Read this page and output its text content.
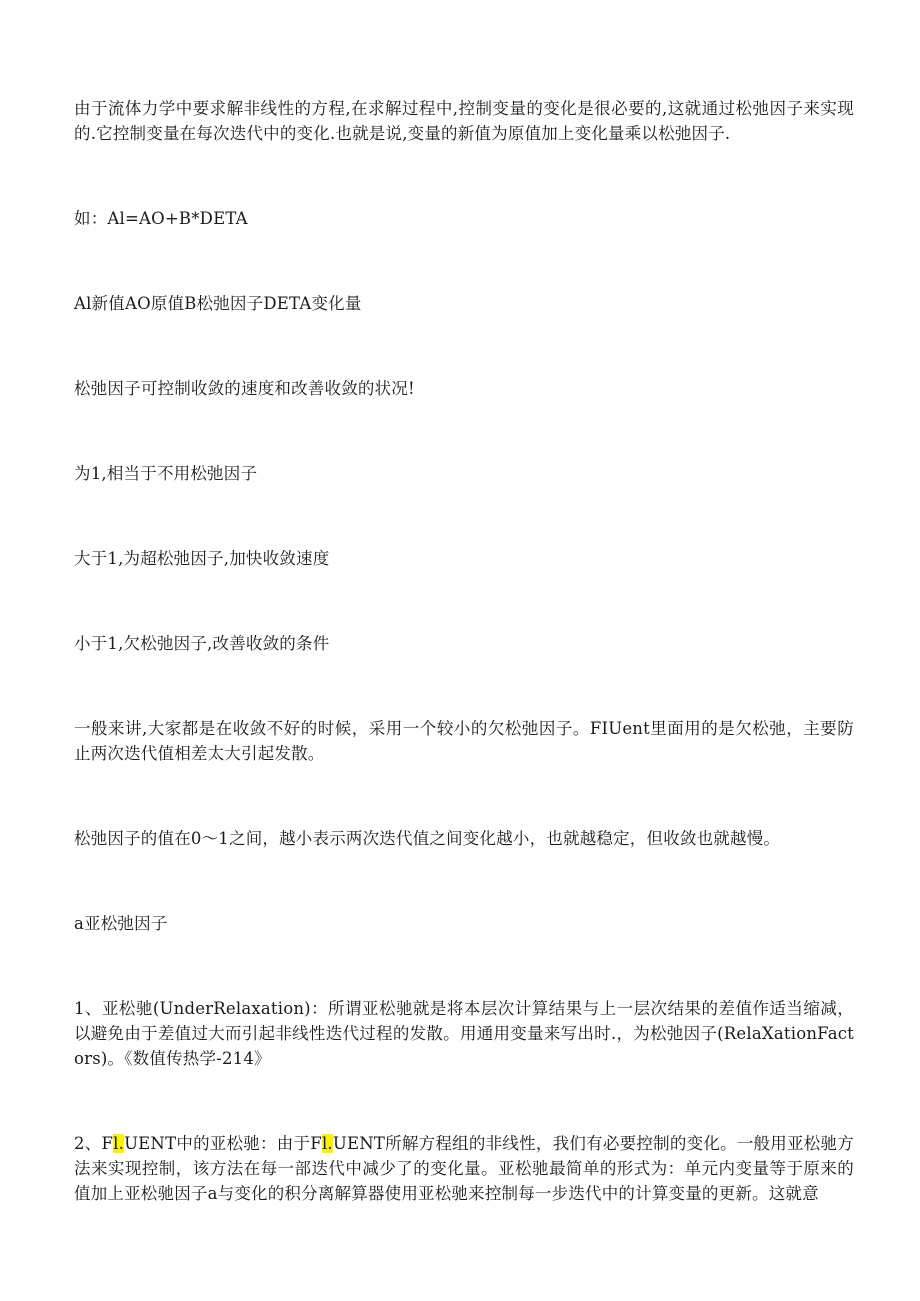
由于流体力学中要求解非线性的方程,在求解过程中,控制变量的变化是很必要的,这就通过松弛因子来实现的.它控制变量在每次迭代中的变化.也就是说,变量的新值为原值加上变化量乘以松弛因子.

如：Al=AO+B*DETA

Al新值AO原值B松弛因子DETA变化量

松弛因子可控制收敛的速度和改善收敛的状况!

为1,相当于不用松弛因子

大于1,为超松弛因子,加快收敛速度

小于1,欠松弛因子,改善收敛的条件

一般来讲,大家都是在收敛不好的时候，采用一个较小的欠松弛因子。FIUent里面用的是欠松弛，主要防止两次迭代值相差太大引起发散。

松弛因子的值在0～1之间，越小表示两次迭代值之间变化越小，也就越稳定，但收敛也就越慢。

a亚松弛因子

1、亚松驰(UnderRelaxation)：所谓亚松驰就是将本层次计算结果与上一层次结果的差值作适当缩减，以避免由于差值过大而引起非线性迭代过程的发散。用通用变量来写出时.，为松弛因子(RelaXationFactors)。《数值传热学-214》

2、Fl.UENT中的亚松驰：由于Fl.UENT所解方程组的非线性，我们有必要控制的变化。一般用亚松驰方法来实现控制，该方法在每一部迭代中减少了的变化量。亚松驰最简单的形式为：单元内变量等于原来的值加上亚松驰因子a与变化的积分离解算器使用亚松驰来控制每一步迭代中的计算变量的更新。这就意
